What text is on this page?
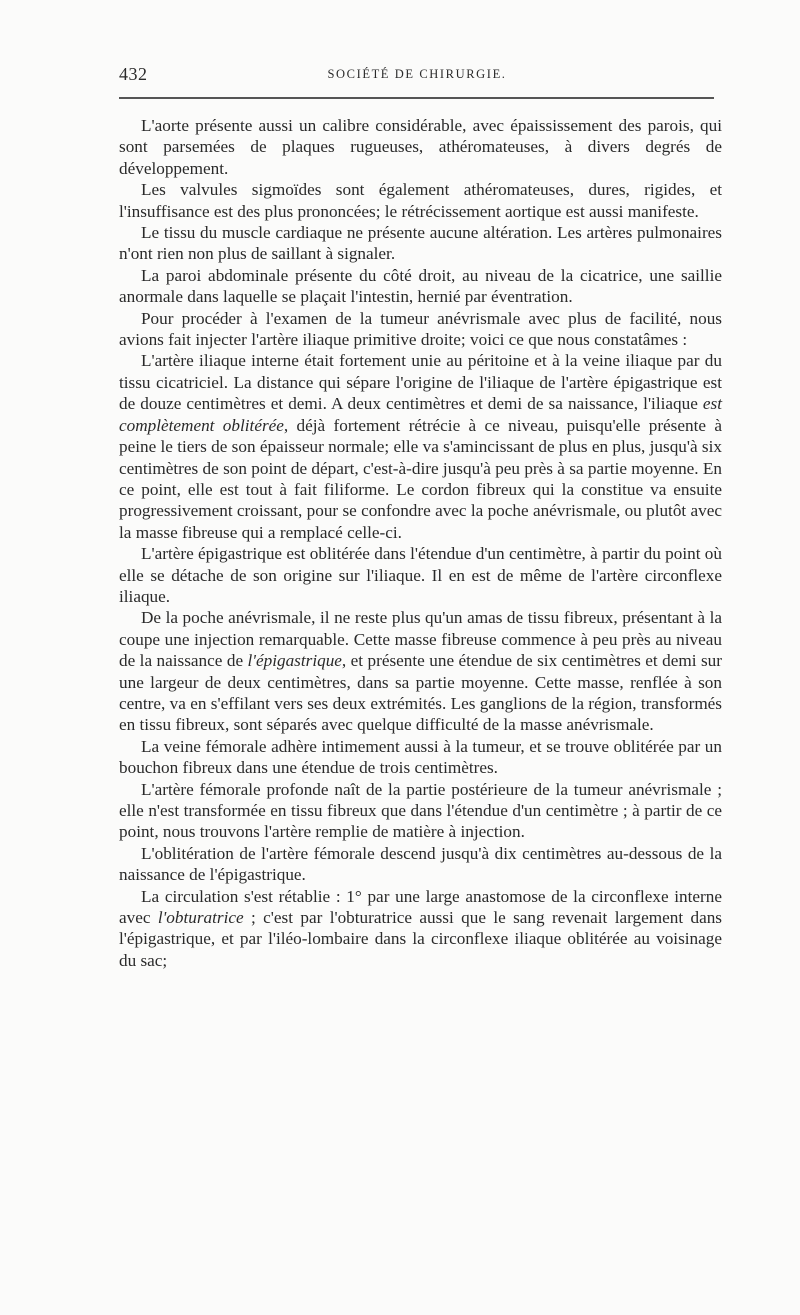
432	SOCIÉTÉ DE CHIRURGIE.

L'aorte présente aussi un calibre considérable, avec épaississement des parois, qui sont parsemées de plaques rugueuses, athéromateuses, à divers degrés de développement.

Les valvules sigmoïdes sont également athéromateuses, dures, rigides, et l'insuffisance est des plus prononcées; le rétrécissement aortique est aussi manifeste.

Le tissu du muscle cardiaque ne présente aucune altération. Les artères pulmonaires n'ont rien non plus de saillant à signaler.

La paroi abdominale présente du côté droit, au niveau de la cicatrice, une saillie anormale dans laquelle se plaçait l'intestin, hernié par éventration.

Pour procéder à l'examen de la tumeur anévrismale avec plus de facilité, nous avions fait injecter l'artère iliaque primitive droite; voici ce que nous constatâmes :

L'artère iliaque interne était fortement unie au péritoine et à la veine iliaque par du tissu cicatriciel. La distance qui sépare l'origine de l'iliaque de l'artère épigastrique est de douze centimètres et demi. A deux centimètres et demi de sa naissance, l'iliaque est complètement oblitérée, déjà fortement rétrécie à ce niveau, puisqu'elle présente à peine le tiers de son épaisseur normale; elle va s'amincissant de plus en plus, jusqu'à six centimètres de son point de départ, c'est-à-dire jusqu'à peu près à sa partie moyenne. En ce point, elle est tout à fait filiforme. Le cordon fibreux qui la constitue va ensuite progressivement croissant, pour se confondre avec la poche anévrismale, ou plutôt avec la masse fibreuse qui a remplacé celle-ci.

L'artère épigastrique est oblitérée dans l'étendue d'un centimètre, à partir du point où elle se détache de son origine sur l'iliaque. Il en est de même de l'artère circonflexe iliaque.

De la poche anévrismale, il ne reste plus qu'un amas de tissu fibreux, présentant à la coupe une injection remarquable. Cette masse fibreuse commence à peu près au niveau de la naissance de l'épigastrique, et présente une étendue de six centimètres et demi sur une largeur de deux centimètres, dans sa partie moyenne. Cette masse, renflée à son centre, va en s'effilant vers ses deux extrémités. Les ganglions de la région, transformés en tissu fibreux, sont séparés avec quelque difficulté de la masse anévrismale.

La veine fémorale adhère intimement aussi à la tumeur, et se trouve oblitérée par un bouchon fibreux dans une étendue de trois centimètres.

L'artère fémorale profonde naît de la partie postérieure de la tumeur anévrismale ; elle n'est transformée en tissu fibreux que dans l'étendue d'un centimètre ; à partir de ce point, nous trouvons l'artère remplie de matière à injection.

L'oblitération de l'artère fémorale descend jusqu'à dix centimètres au-dessous de la naissance de l'épigastrique.

La circulation s'est rétablie : 1° par une large anastomose de la circonflexe interne avec l'obturatrice ; c'est par l'obturatrice aussi que le sang revenait largement dans l'épigastrique, et par l'iléo-lombaire dans la circonflexe iliaque oblitérée au voisinage du sac;
